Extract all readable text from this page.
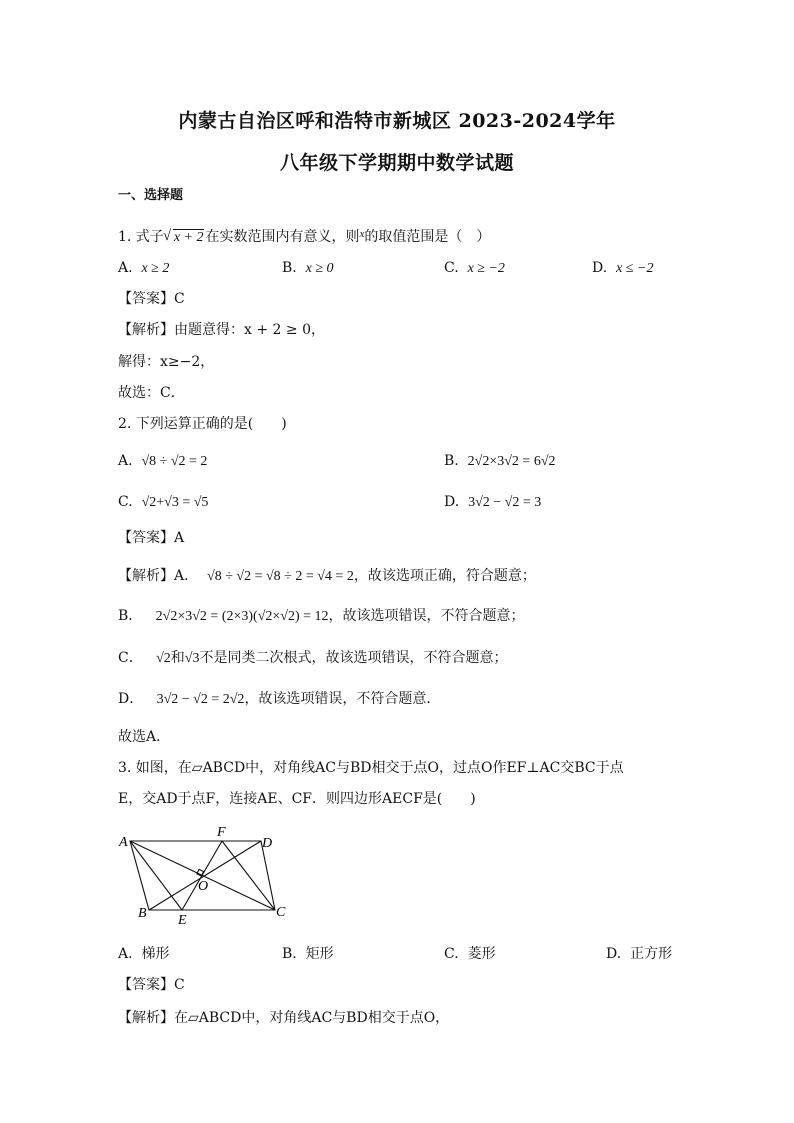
内蒙古自治区呼和浩特市新城区 2023-2024学年
八年级下学期期中数学试题
一、选择题
1. 式子√ x + 2 在实数范围内有意义，则$^x$的取值范围是（　）
A. x ≥ 2	B. x ≥ 0	C. x ≥ −2	D. x ≤ −2
【答案】C
【解析】由题意得：x + 2 ≥ 0，
解得：x≥−2，
故选：C．
2. 下列运算正确的是(　　)
A. √8 ÷ √2 = 2	B. 2√2×3√2 = 6√2
C. √2+√3 = √5	D. 3√2 − √2 = 3
【答案】A
【解析】A． √8 ÷ √2 = √8 ÷ 2 = √4 = 2，故该选项正确，符合题意；
B． 2√2×3√2 = (2×3)(√2×√2) = 12，故该选项错误，不符合题意；
C． √2和√3不是同类二次根式，故该选项错误，不符合题意；
D． 3√2 − √2 = 2√2，故该选项错误，不符合题意．
故选A．
3. 如图，在▱ABCD中，对角线AC与BD相交于点O，过点O作EF⊥AC交BC于点
E，交AD于点F，连接AE、CF．则四边形AECF是(　　)
A
F
D
O
B E
C
A. 梯形	B. 矩形	C. 菱形	D. 正方形
【答案】C
【解析】在▱ABCD中，对角线AC与BD相交于点O，
